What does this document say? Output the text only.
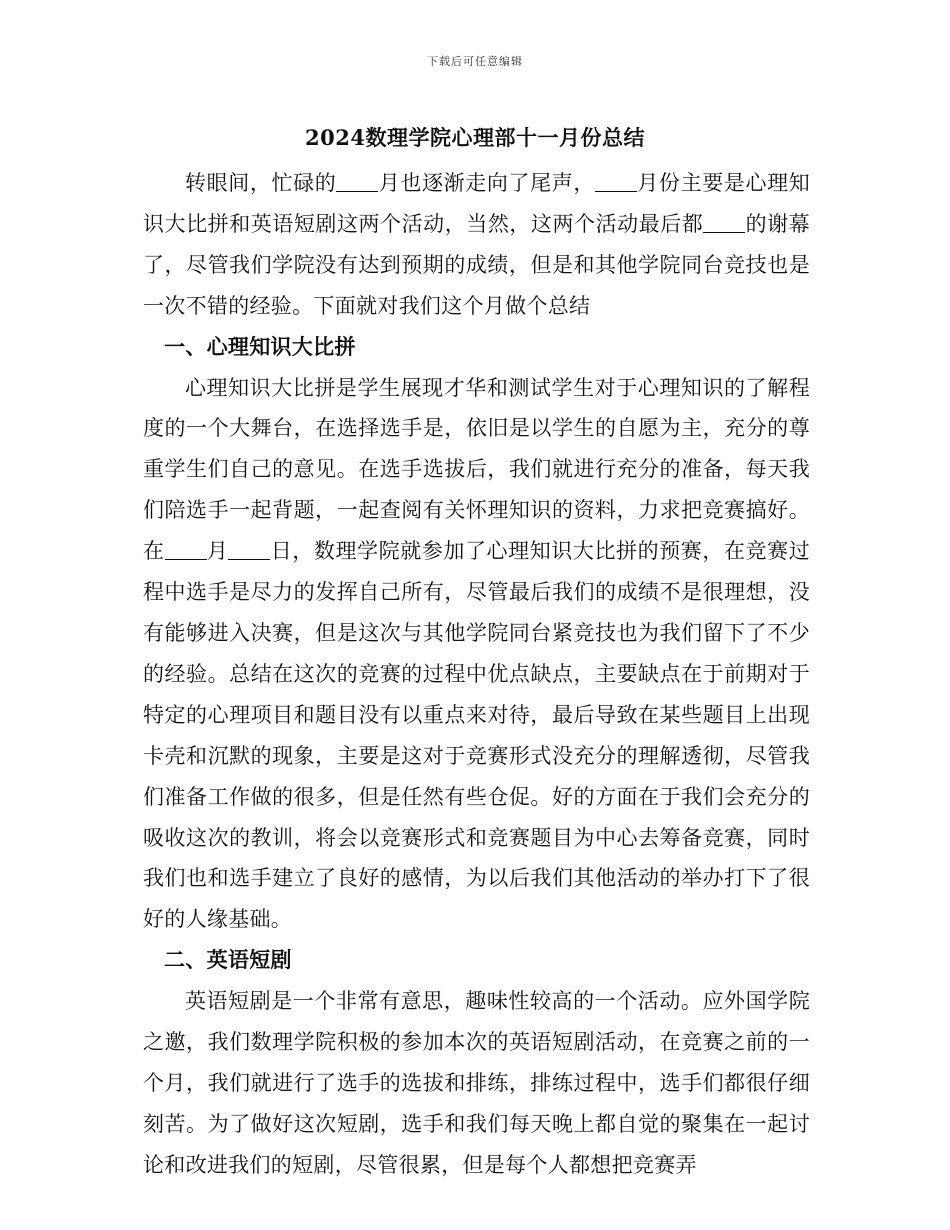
下载后可任意编辑
2024数理学院心理部十一月份总结

转眼间，忙碌的 月也逐渐走向了尾声， 月份主要是心理知识大比拼和英语短剧这两个活动，当然，这两个活动最后都 的谢幕了，尽管我们学院没有达到预期的成绩，但是和其他学院同台竞技也是一次不错的经验。下面就对我们这个月做个总结

一、心理知识大比拼

心理知识大比拼是学生展现才华和测试学生对于心理知识的了解程度的一个大舞台，在选择选手是，依旧是以学生的自愿为主，充分的尊重学生们自己的意见。在选手选拔后，我们就进行充分的准备，每天我们陪选手一起背题，一起查阅有关怀理知识的资料，力求把竞赛搞好。在 月 日，数理学院就参加了心理知识大比拼的预赛，在竞赛过程中选手是尽力的发挥自己所有，尽管最后我们的成绩不是很理想，没有能够进入决赛，但是这次与其他学院同台紧竞技也为我们留下了不少的经验。总结在这次的竞赛的过程中优点缺点，主要缺点在于前期对于特定的心理项目和题目没有以重点来对待，最后导致在某些题目上出现卡壳和沉默的现象，主要是这对于竞赛形式没充分的理解透彻，尽管我们准备工作做的很多，但是任然有些仓促。好的方面在于我们会充分的吸收这次的教训，将会以竞赛形式和竞赛题目为中心去筹备竞赛，同时我们也和选手建立了良好的感情，为以后我们其他活动的举办打下了很好的人缘基础。

二、英语短剧

英语短剧是一个非常有意思，趣味性较高的一个活动。应外国学院之邀，我们数理学院积极的参加本次的英语短剧活动，在竞赛之前的一个月，我们就进行了选手的选拔和排练，排练过程中，选手们都很仔细刻苦。为了做好这次短剧，选手和我们每天晚上都自觉的聚集在一起讨论和改进我们的短剧，尽管很累，但是每个人都想把竞赛弄
